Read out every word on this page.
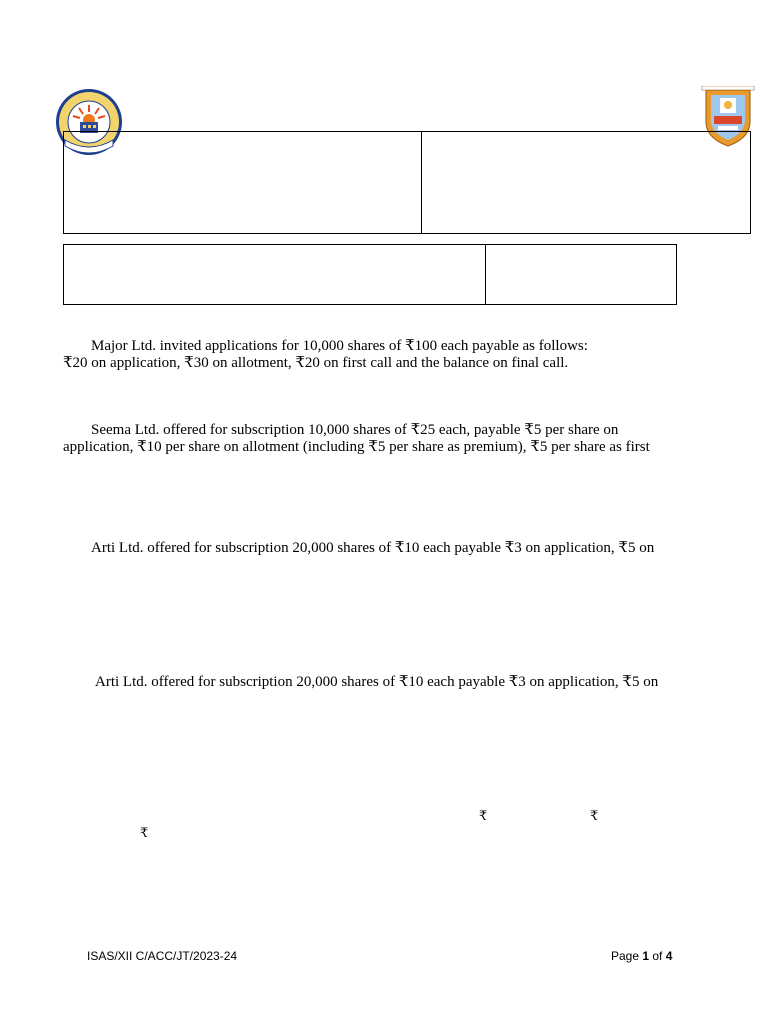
Major Ltd. invited applications for 10,000 shares of ₹100 each payable as follows:
₹20 on application, ₹30 on allotment, ₹20 on first call and the balance on final call.
Seema Ltd. offered for subscription 10,000 shares of ₹25 each, payable ₹5 per share on
application, ₹10 per share on allotment (including ₹5 per share as premium), ₹5 per share as first
Arti Ltd. offered for subscription 20,000 shares of ₹10 each payable ₹3 on application, ₹5 on
Arti Ltd. offered for subscription 20,000 shares of ₹10 each payable ₹3 on application, ₹5 on
₹	₹
₹
ISAS/XII C/ACC/JT/2023-24	Page 1 of 4
